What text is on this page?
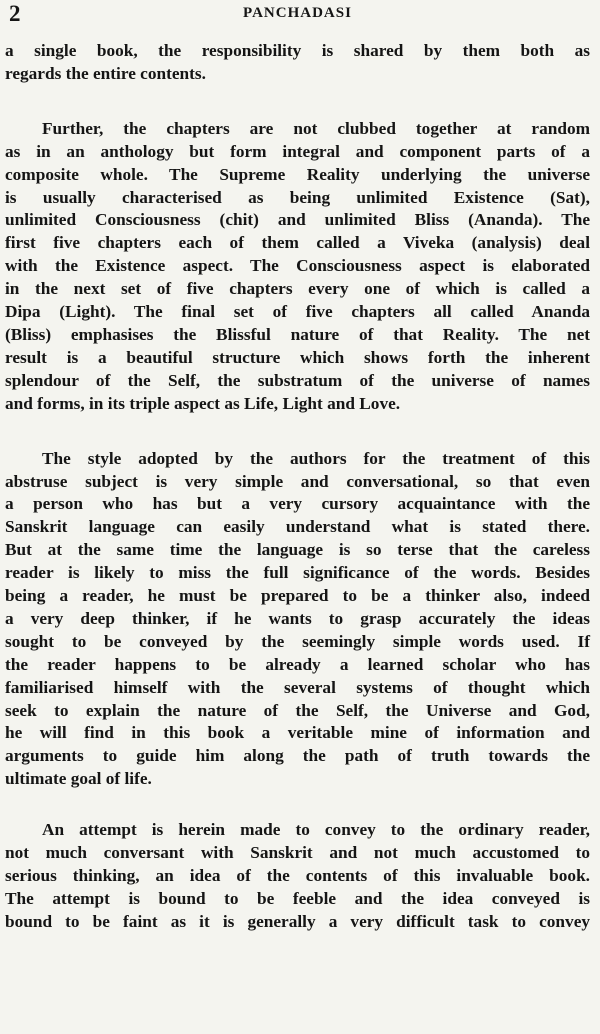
2	PANCHADASI
a single book, the responsibility is shared by them both as
regards the entire contents.
Further, the chapters are not clubbed together at random
as in an anthology but form integral and component parts of a
composite whole. The Supreme Reality underlying the universe
is usually characterised as being unlimited Existence (Sat),
unlimited Consciousness (chit) and unlimited Bliss (Ananda). The
first five chapters each of them called a Viveka (analysis) deal
with the Existence aspect. The Consciousness aspect is elaborated
in the next set of five chapters every one of which is called a
Dipa (Light). The final set of five chapters all called Ananda
(Bliss) emphasises the Blissful nature of that Reality. The net
result is a beautiful structure which shows forth the inherent
splendour of the Self, the substratum of the universe of names
and forms, in its triple aspect as Life, Light and Love.
The style adopted by the authors for the treatment of this
abstruse subject is very simple and conversational, so that even
a person who has but a very cursory acquaintance with the
Sanskrit language can easily understand what is stated there.
But at the same time the language is so terse that the careless
reader is likely to miss the full significance of the words. Besides
being a reader, he must be prepared to be a thinker also, indeed
a very deep thinker, if he wants to grasp accurately the ideas
sought to be conveyed by the seemingly simple words used. If
the reader happens to be already a learned scholar who has
familiarised himself with the several systems of thought which
seek to explain the nature of the Self, the Universe and God,
he will find in this book a veritable mine of information and
arguments to guide him along the path of truth towards the
ultimate goal of life.
An attempt is herein made to convey to the ordinary reader,
not much conversant with Sanskrit and not much accustomed to
serious thinking, an idea of the contents of this invaluable book.
The attempt is bound to be feeble and the idea conveyed is
bound to be faint as it is generally a very difficult task to convey
